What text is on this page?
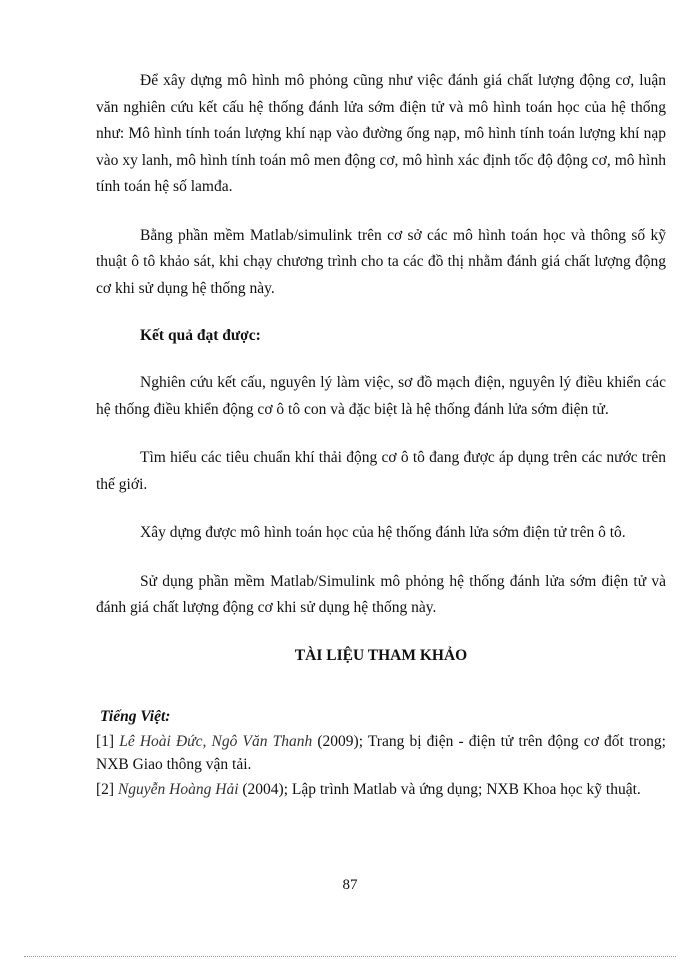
Để xây dựng mô hình mô phỏng cũng như việc đánh giá chất lượng động cơ, luận văn nghiên cứu kết cấu hệ thống đánh lửa sớm điện tử và mô hình toán học của hệ thống như: Mô hình tính toán lượng khí nạp vào đường ống nạp, mô hình tính toán lượng khí nạp vào xy lanh, mô hình tính toán mô men động cơ, mô hình xác định tốc độ động cơ, mô hình tính toán hệ số lamđa.

Bằng phần mềm Matlab/simulink trên cơ sở các mô hình toán học và thông số kỹ thuật ô tô khảo sát, khi chạy chương trình cho ta các đồ thị nhằm đánh giá chất lượng động cơ khi sử dụng hệ thống này.

Kết quả đạt được:

Nghiên cứu kết cấu, nguyên lý làm việc, sơ đồ mạch điện, nguyên lý điều khiển các hệ thống điều khiển động cơ ô tô con và đặc biệt là hệ thống đánh lửa sớm điện tử.

Tìm hiểu các tiêu chuẩn khí thải động cơ ô tô đang được áp dụng trên các nước trên thế giới.

Xây dựng được mô hình toán học của hệ thống đánh lửa sớm điện tử trên ô tô.

Sử dụng phần mềm Matlab/Simulink mô phỏng hệ thống đánh lửa sớm điện tử và đánh giá chất lượng động cơ khi sử dụng hệ thống này.

TÀI LIỆU THAM KHẢO
Tiếng Việt:
[1] Lê Hoài Đức, Ngô Văn Thanh (2009); Trang bị điện - điện tử trên động cơ đốt trong; NXB Giao thông vận tải.
[2] Nguyễn Hoàng Hải (2004); Lập trình Matlab và ứng dụng; NXB Khoa học kỹ thuật.
87
